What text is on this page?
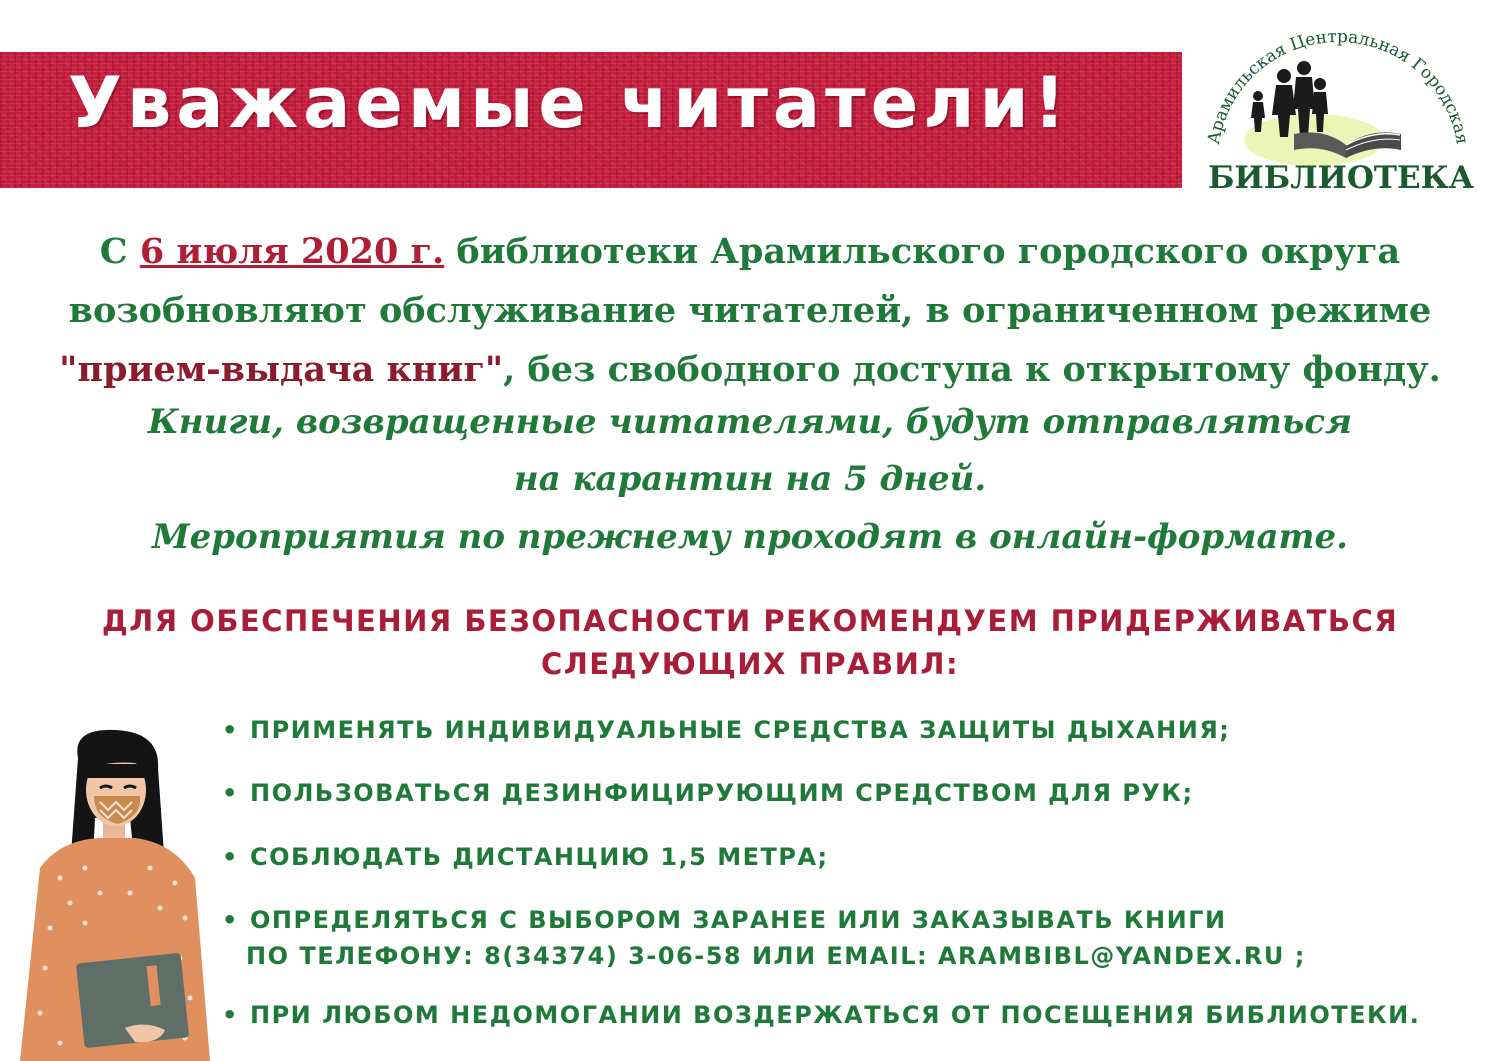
Уважаемые читатели!	Арамильская Центральная Городская
БИБЛИОТЕКА
С 6 июля 2020 г. библиотеки Арамильского городского округа
возобновляют обслуживание читателей, в ограниченном режиме
"прием-выдача книг", без свободного доступа к открытому фонду.
Книги, возвращенные читателями, будут отправляться
на карантин на 5 дней.
Мероприятия по прежнему проходят в онлайн-формате.
ДЛЯ ОБЕСПЕЧЕНИЯ БЕЗОПАСНОСТИ РЕКОМЕНДУЕМ ПРИДЕРЖИВАТЬСЯ
СЛЕДУЮЩИХ ПРАВИЛ:
• ПРИМЕНЯТЬ ИНДИВИДУАЛЬНЫЕ СРЕДСТВА ЗАЩИТЫ ДЫХАНИЯ;
• ПОЛЬЗОВАТЬСЯ ДЕЗИНФИЦИРУЮЩИМ СРЕДСТВОМ ДЛЯ РУК;
• СОБЛЮДАТЬ ДИСТАНЦИЮ 1,5 МЕТРА;
• ОПРЕДЕЛЯТЬСЯ С ВЫБОРОМ ЗАРАНЕЕ ИЛИ ЗАКАЗЫВАТЬ КНИГИ
ПО ТЕЛЕФОНУ: 8(34374) 3-06-58 ИЛИ EMAIL: ARAMBIBL@YANDEX.RU ;
• ПРИ ЛЮБОМ НЕДОМОГАНИИ ВОЗДЕРЖАТЬСЯ ОТ ПОСЕЩЕНИЯ БИБЛИОТЕКИ.
